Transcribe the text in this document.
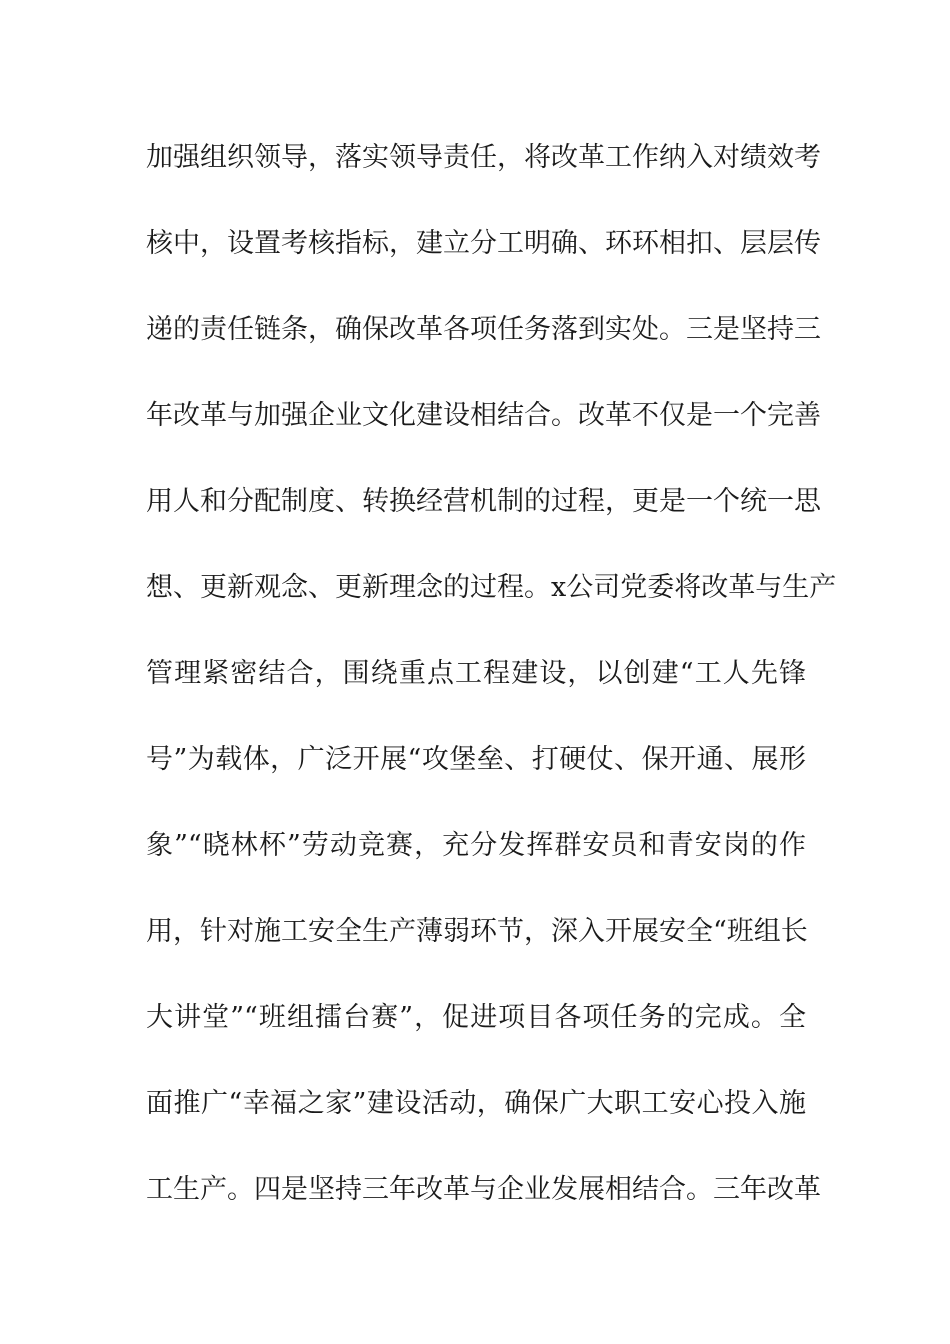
加强组织领导，落实领导责任，将改革工作纳入对绩效考
核中，设置考核指标，建立分工明确、环环相扣、层层传
递的责任链条，确保改革各项任务落到实处。三是坚持三
年改革与加强企业文化建设相结合。改革不仅是一个完善
用人和分配制度、转换经营机制的过程，更是一个统一思
想、更新观念、更新理念的过程。x公司党委将改革与生产
管理紧密结合，围绕重点工程建设，以创建“工人先锋
号”为载体，广泛开展“攻堡垒、打硬仗、保开通、展形
象”“晓林杯”劳动竞赛，充分发挥群安员和青安岗的作
用，针对施工安全生产薄弱环节，深入开展安全“班组长
大讲堂”“班组擂台赛”，促进项目各项任务的完成。全
面推广“幸福之家”建设活动，确保广大职工安心投入施
工生产。四是坚持三年改革与企业发展相结合。三年改革
